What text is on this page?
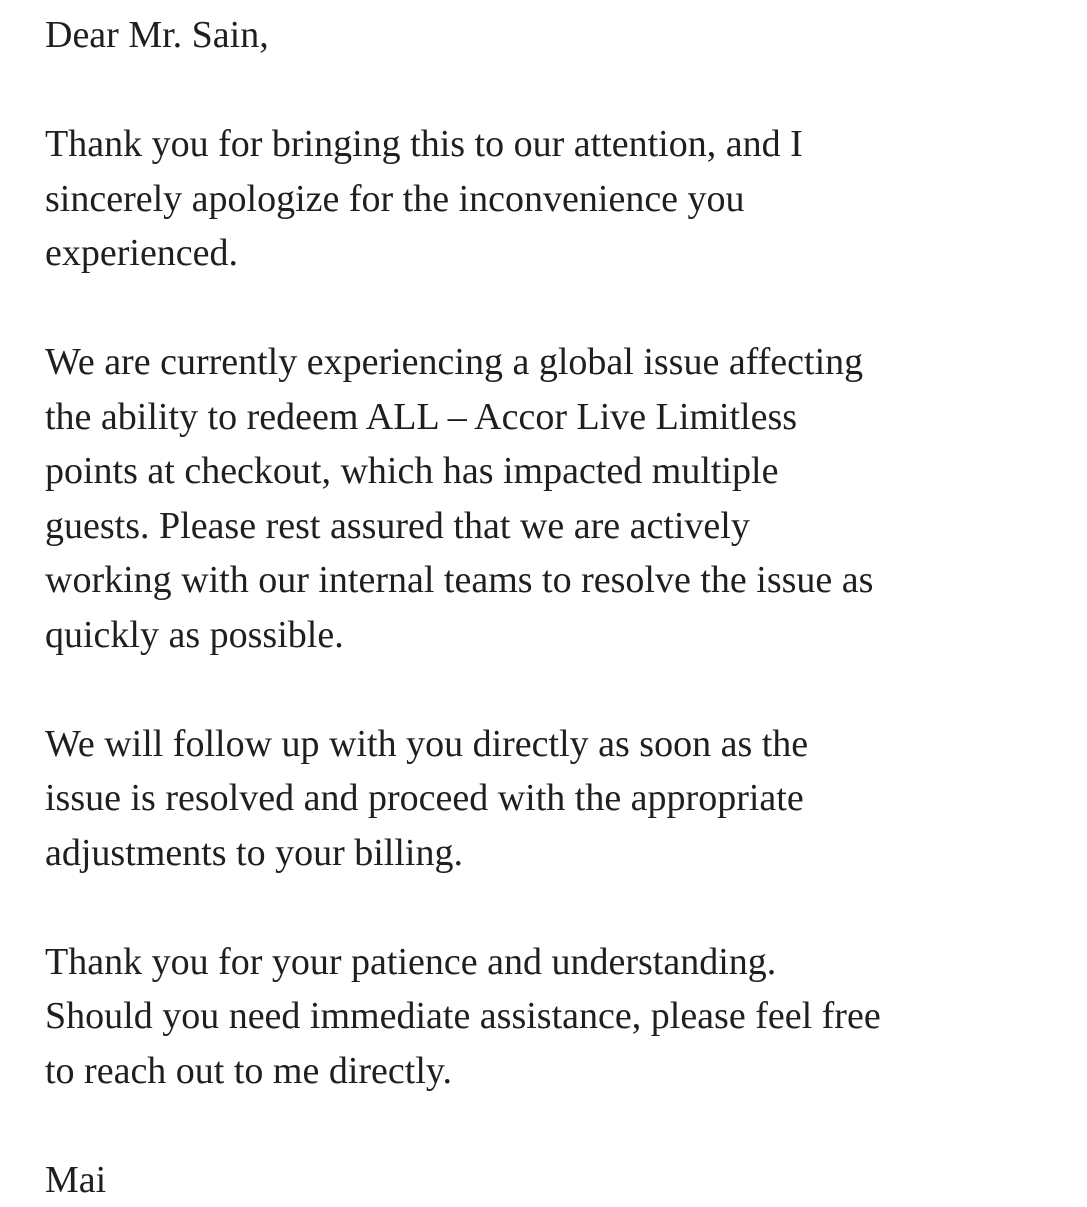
Dear Mr. Sain,
Thank you for bringing this to our attention, and I
sincerely apologize for the inconvenience you
experienced.
We are currently experiencing a global issue affecting
the ability to redeem ALL – Accor Live Limitless
points at checkout, which has impacted multiple
guests. Please rest assured that we are actively
working with our internal teams to resolve the issue as
quickly as possible.
We will follow up with you directly as soon as the
issue is resolved and proceed with the appropriate
adjustments to your billing.
Thank you for your patience and understanding.
Should you need immediate assistance, please feel free
to reach out to me directly.
Mai
